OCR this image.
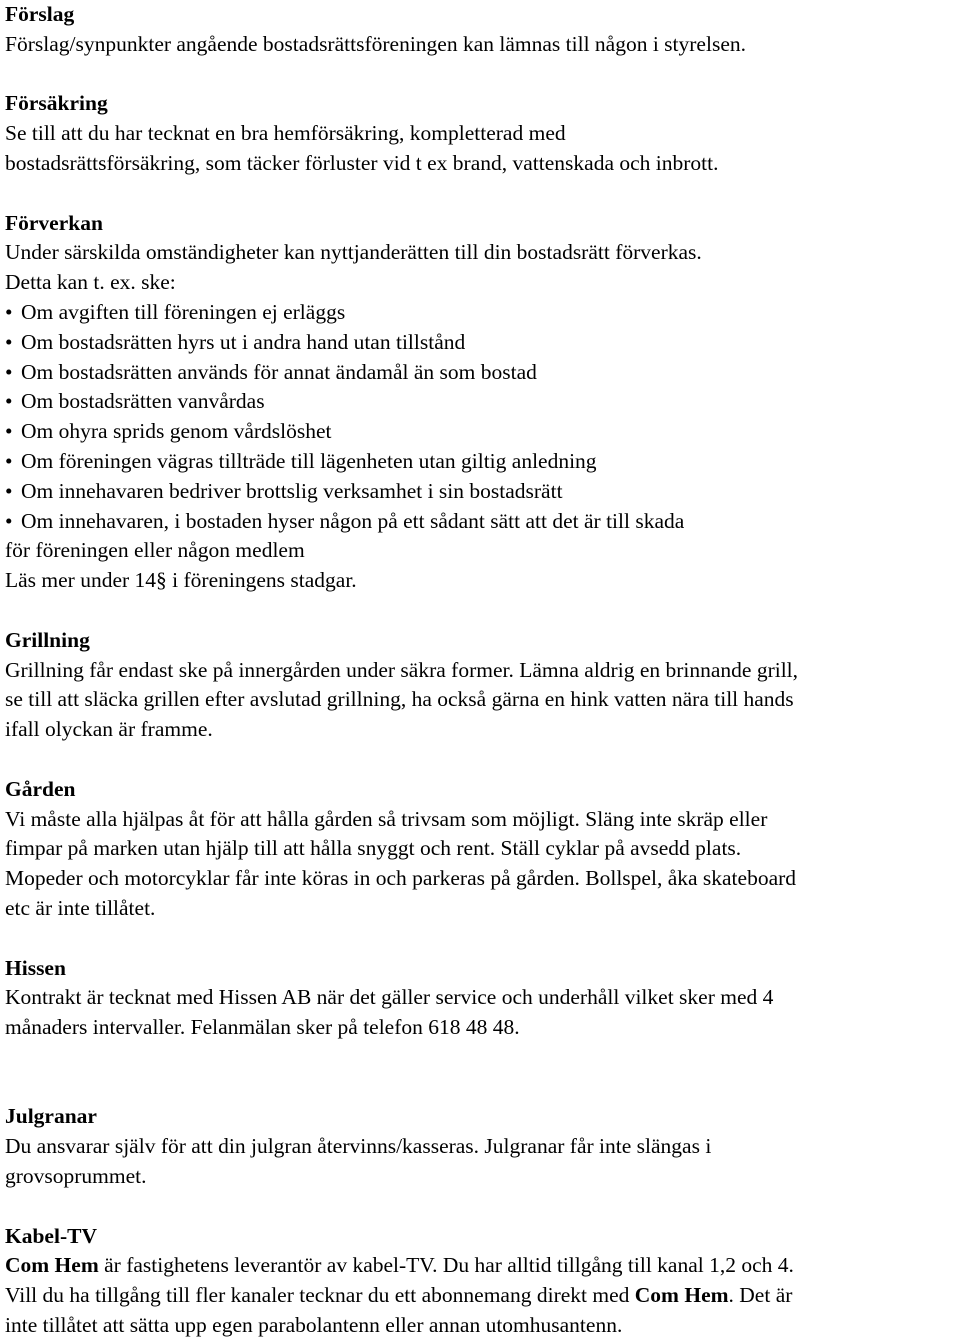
Förslag
Förslag/synpunkter angående bostadsrättsföreningen kan lämnas till någon i styrelsen.
Försäkring
Se till att du har tecknat en bra hemförsäkring, kompletterad med
bostadsrättsförsäkring, som täcker förluster vid t ex brand, vattenskada och inbrott.
Förverkan
Under särskilda omständigheter kan nyttjanderätten till din bostadsrätt förverkas.
Detta kan t. ex. ske:
• Om avgiften till föreningen ej erläggs
• Om bostadsrätten hyrs ut i andra hand utan tillstånd
• Om bostadsrätten används för annat ändamål än som bostad
• Om bostadsrätten vanvårdas
• Om ohyra sprids genom vårdslöshet
• Om föreningen vägras tillträde till lägenheten utan giltig anledning
• Om innehavaren bedriver brottslig verksamhet i sin bostadsrätt
• Om innehavaren, i bostaden hyser någon på ett sådant sätt att det är till skada
för föreningen eller någon medlem
Läs mer under 14§ i föreningens stadgar.
Grillning
Grillning får endast ske på innergården under säkra former. Lämna aldrig en brinnande grill,
se till att släcka grillen efter avslutad grillning, ha också gärna en hink vatten nära till hands
ifall olyckan är framme.
Gården
Vi måste alla hjälpas åt för att hålla gården så trivsam som möjligt. Släng inte skräp eller
fimpar på marken utan hjälp till att hålla snyggt och rent. Ställ cyklar på avsedd plats.
Mopeder och motorcyklar får inte köras in och parkeras på gården. Bollspel, åka skateboard
etc är inte tillåtet.
Hissen
Kontrakt är tecknat med Hissen AB när det gäller service och underhåll vilket sker med 4
månaders intervaller. Felanmälan sker på telefon 618 48 48.
Julgranar
Du ansvarar själv för att din julgran återvinns/kasseras. Julgranar får inte slängas i
grovsoprummet.
Kabel-TV
Com Hem är fastighetens leverantör av kabel-TV. Du har alltid tillgång till kanal 1,2 och 4.
Vill du ha tillgång till fler kanaler tecknar du ett abonnemang direkt med Com Hem. Det är
inte tillåtet att sätta upp egen parabolantenn eller annan utomhusantenn.
